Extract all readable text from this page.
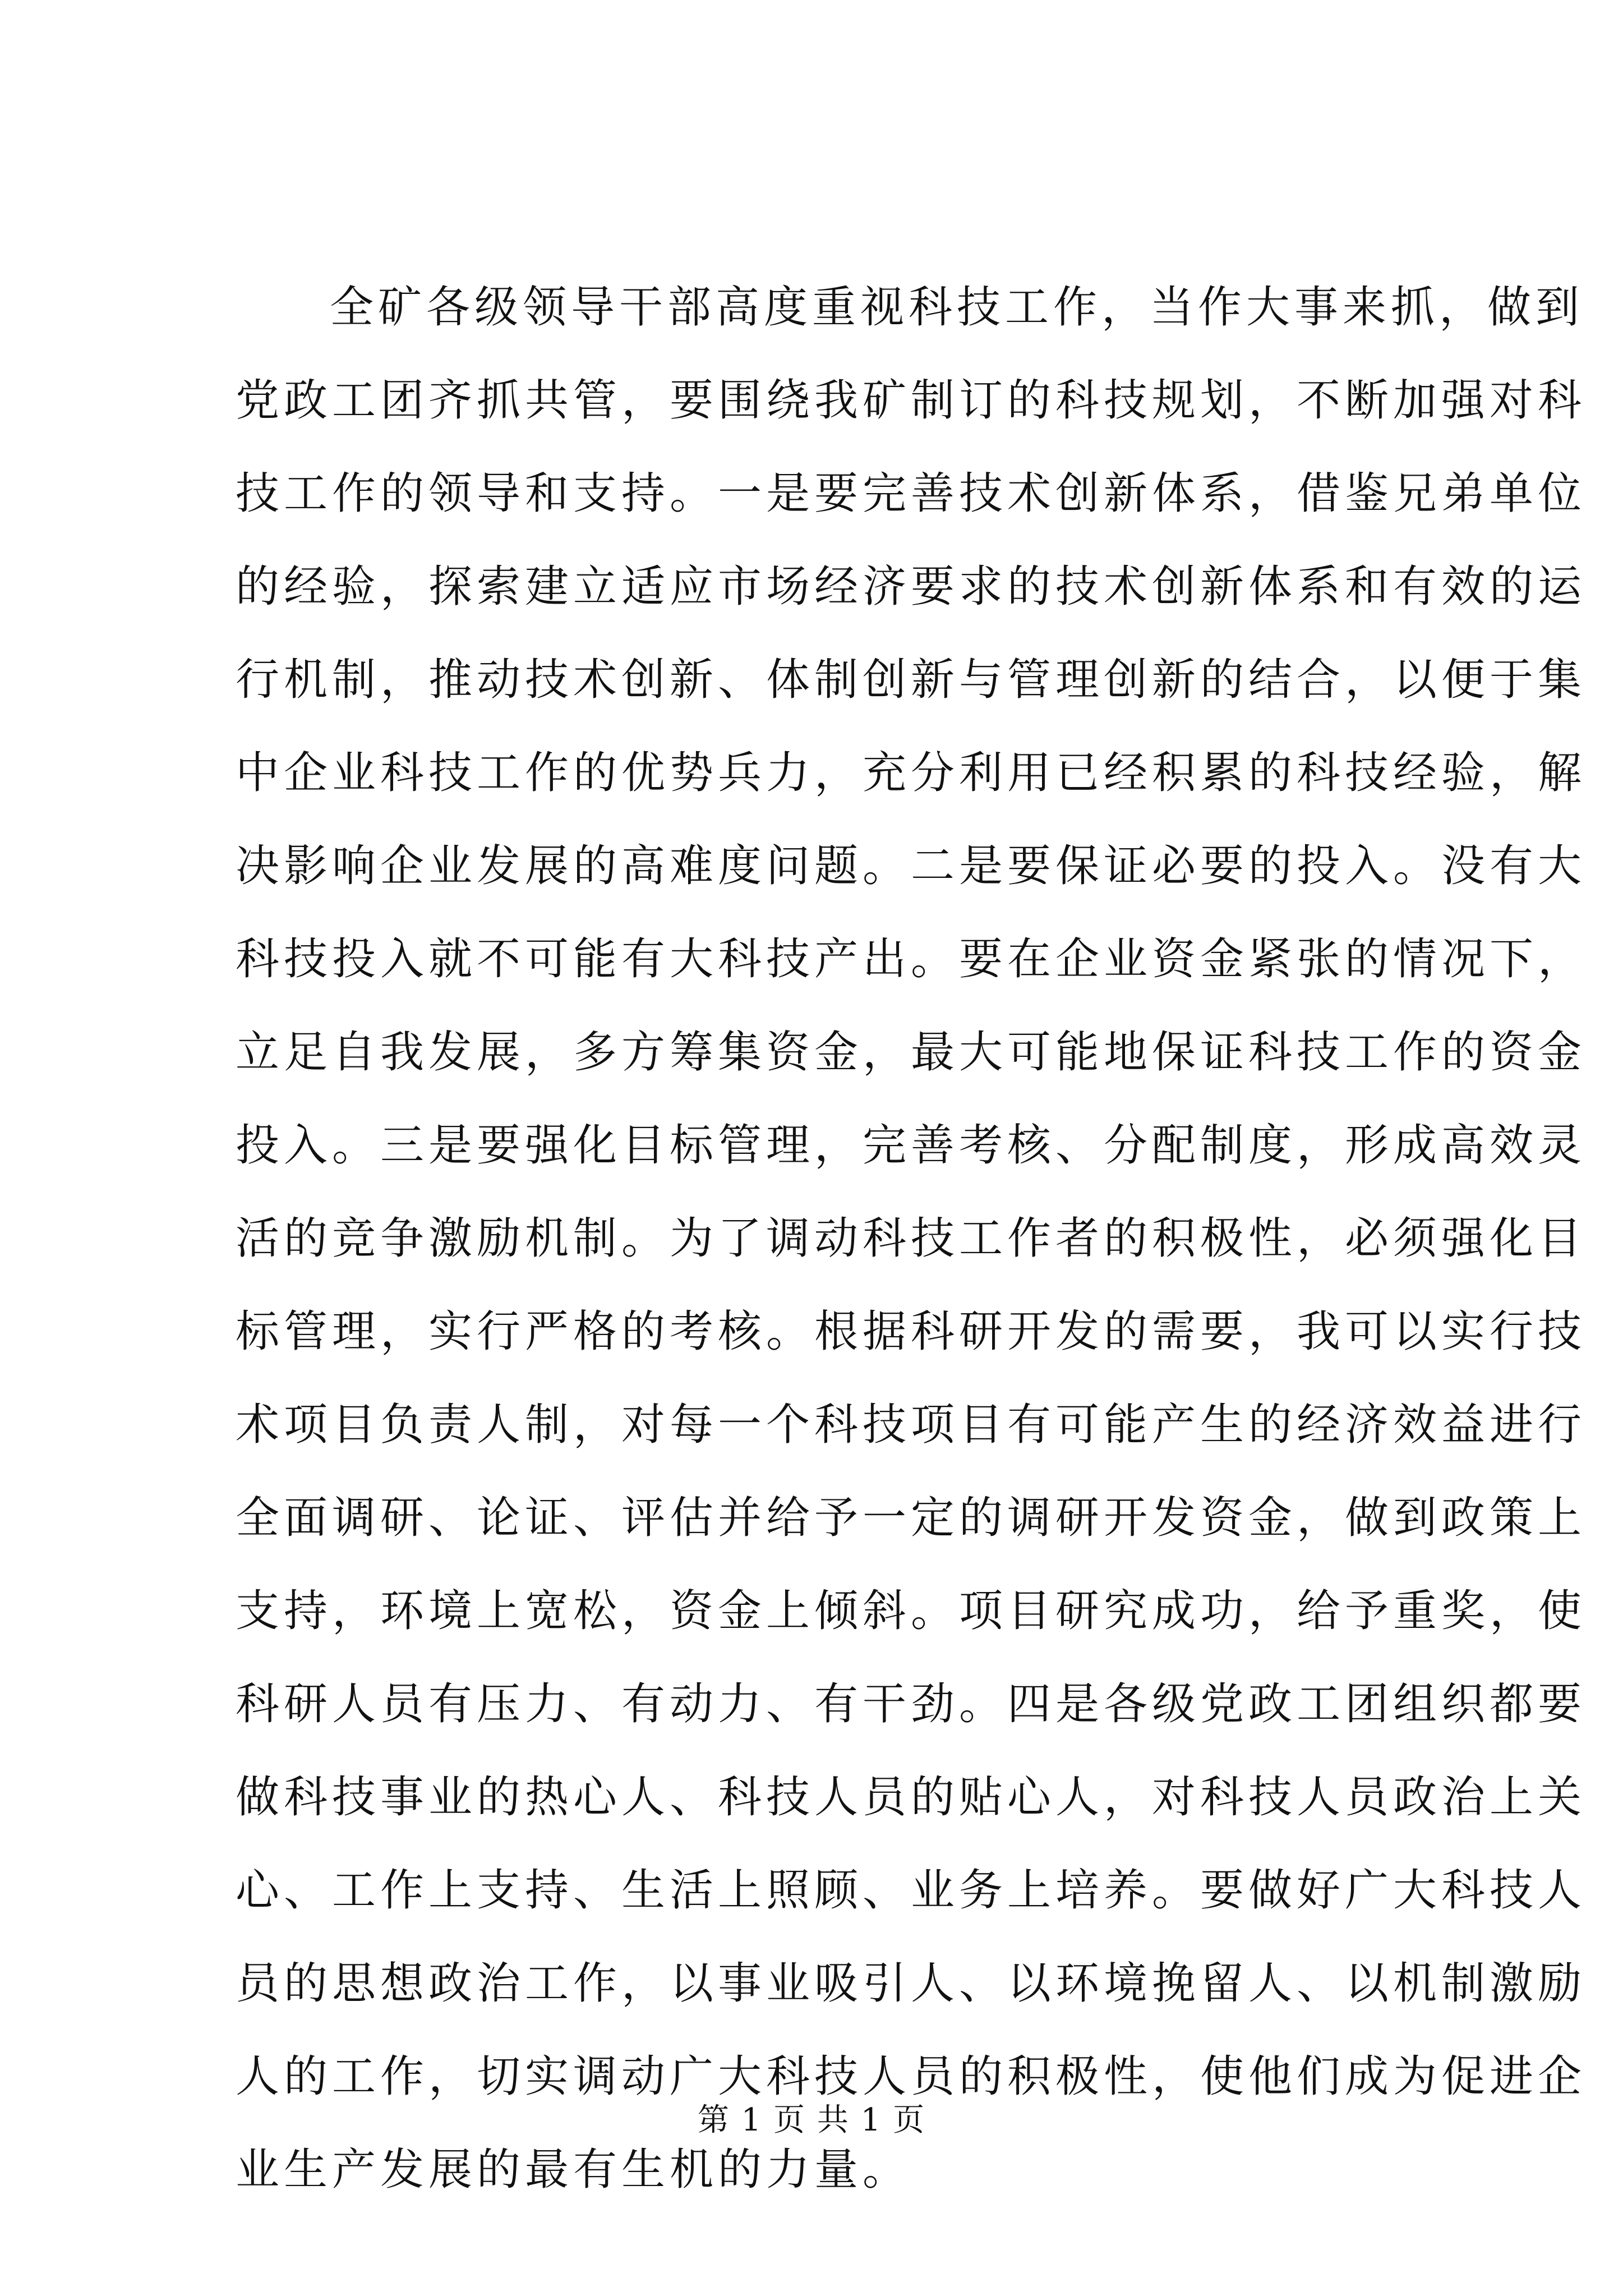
全矿各级领导干部高度重视科技工作，当作大事来抓，做到
党政工团齐抓共管，要围绕我矿制订的科技规划，不断加强对科
技工作的领导和支持。一是要完善技术创新体系，借鉴兄弟单位
的经验，探索建立适应市场经济要求的技术创新体系和有效的运
行机制，推动技术创新、体制创新与管理创新的结合，以便于集
中企业科技工作的优势兵力，充分利用已经积累的科技经验，解
决影响企业发展的高难度问题。二是要保证必要的投入。没有大
科技投入就不可能有大科技产出。要在企业资金紧张的情况下，
立足自我发展，多方筹集资金，最大可能地保证科技工作的资金
投入。三是要强化目标管理，完善考核、分配制度，形成高效灵
活的竞争激励机制。为了调动科技工作者的积极性，必须强化目
标管理，实行严格的考核。根据科研开发的需要，我可以实行技
术项目负责人制，对每一个科技项目有可能产生的经济效益进行
全面调研、论证、评估并给予一定的调研开发资金，做到政策上
支持，环境上宽松，资金上倾斜。项目研究成功，给予重奖，使
科研人员有压力、有动力、有干劲。四是各级党政工团组织都要
做科技事业的热心人、科技人员的贴心人，对科技人员政治上关
心、工作上支持、生活上照顾、业务上培养。要做好广大科技人
员的思想政治工作，以事业吸引人、以环境挽留人、以机制激励
人的工作，切实调动广大科技人员的积极性，使他们成为促进企
业生产发展的最有生机的力量。
第 1 页 共 1 页
